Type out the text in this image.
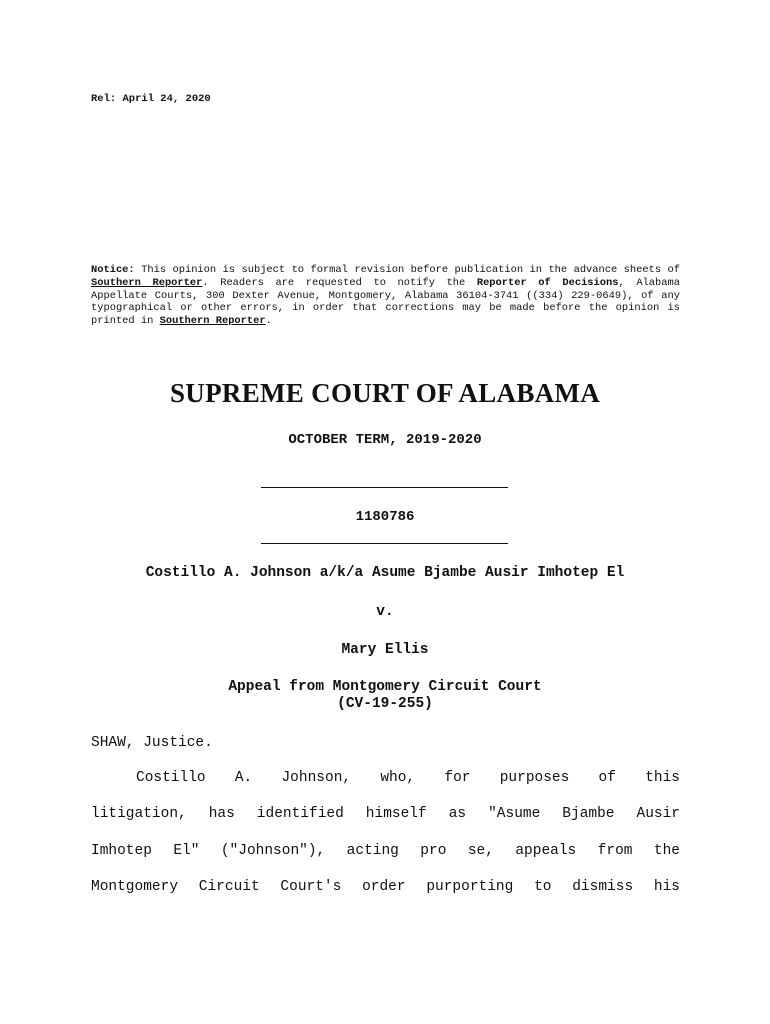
Rel: April 24, 2020
Notice: This opinion is subject to formal revision before publication in the advance sheets of Southern Reporter. Readers are requested to notify the Reporter of Decisions, Alabama Appellate Courts, 300 Dexter Avenue, Montgomery, Alabama 36104-3741 ((334) 229-0649), of any typographical or other errors, in order that corrections may be made before the opinion is printed in Southern Reporter.
SUPREME COURT OF ALABAMA
OCTOBER TERM, 2019-2020
1180786
Costillo A. Johnson a/k/a Asume Bjambe Ausir Imhotep El
v.
Mary Ellis
Appeal from Montgomery Circuit Court
(CV-19-255)
SHAW, Justice.
Costillo A. Johnson, who, for purposes of this
litigation, has identified himself as "Asume Bjambe Ausir
Imhotep El" ("Johnson"), acting pro se, appeals from the
Montgomery Circuit Court's order purporting to dismiss his
